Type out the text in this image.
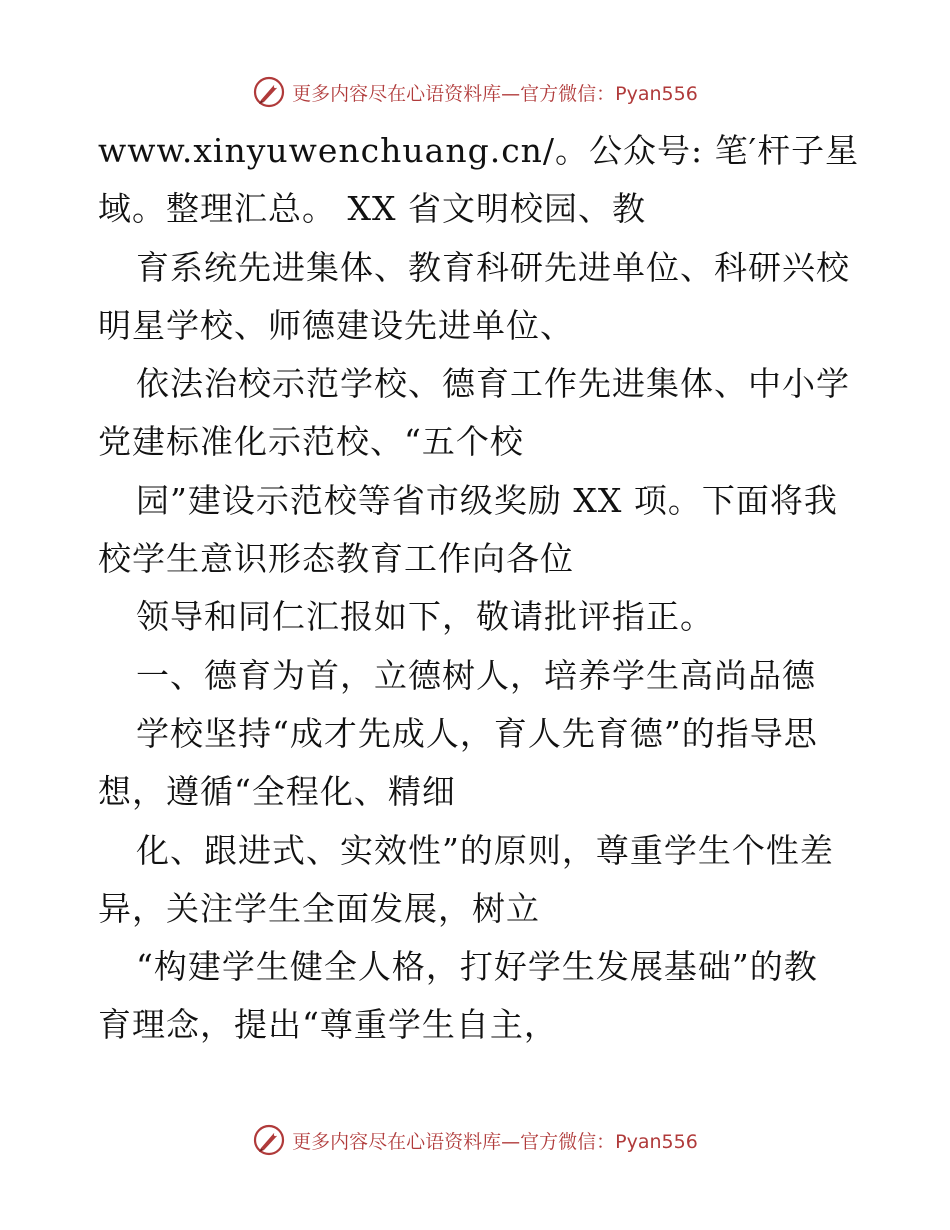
更多内容尽在心语资料库—官方微信：Pyan556
www.xinyuwenchuang.cn/。公众号: 笔′杆子星
域。整理汇总。 XX 省文明校园、教
育系统先进集体、教育科研先进单位、科研兴校
明星学校、师德建设先进单位、
依法治校示范学校、德育工作先进集体、中小学
党建标准化示范校、“五个校
园”建设示范校等省市级奖励 XX 项。下面将我
校学生意识形态教育工作向各位
领导和同仁汇报如下，敬请批评指正。
一、德育为首，立德树人，培养学生高尚品德
学校坚持“成才先成人，育人先育德”的指导思
想，遵循“全程化、精细
化、跟进式、实效性”的原则，尊重学生个性差
异，关注学生全面发展，树立
“构建学生健全人格，打好学生发展基础”的教
育理念，提出“尊重学生自主，
更多内容尽在心语资料库—官方微信：Pyan556
